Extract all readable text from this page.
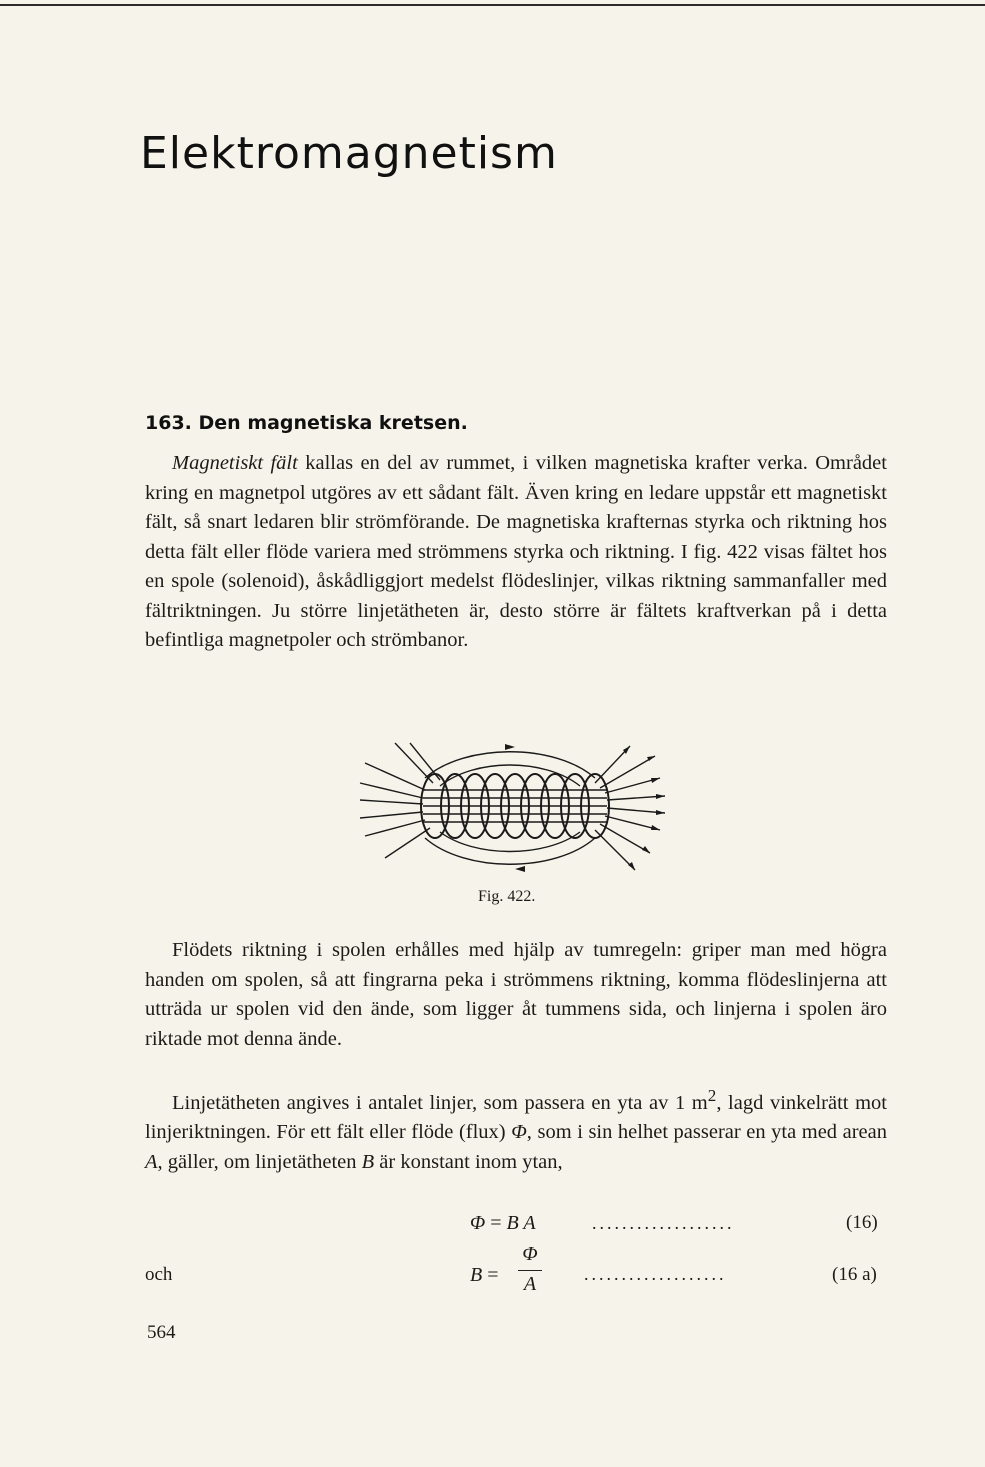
Elektromagnetism
163. Den magnetiska kretsen.

Magnetiskt fält kallas en del av rummet, i vilken magnetiska krafter verka. Området kring en magnetpol utgöres av ett sådant fält. Även kring en ledare uppstår ett magnetiskt fält, så snart ledaren blir strömförande. De magnetiska krafternas styrka och riktning hos detta fält eller flöde variera med strömmens styrka och riktning. I fig. 422 visas fältet hos en spole (solenoid), åskådliggjort medelst flödeslinjer, vilkas riktning sammanfaller med fältriktningen. Ju större linjetätheten är, desto större är fältets kraftverkan på i detta befintliga magnetpoler och strömbanor.

Fig. 422.

Flödets riktning i spolen erhålles med hjälp av tumregeln: griper man med högra handen om spolen, så att fingrarna peka i strömmens riktning, komma flödeslinjerna att utträda ur spolen vid den ände, som ligger åt tummens sida, och linjerna i spolen äro riktade mot denna ände.

Linjetätheten angives i antalet linjer, som passera en yta av 1 $m^2$, lagd vinkelrätt mot linjeriktningen. För ett fält eller flöde (flux) Φ, som i sin helhet passerar en yta med arean A, gäller, om linjetätheten B är konstant inom ytan,

Φ = B A	...................	(16)
och	B =
Φ
A	...................	(16 a)
564
